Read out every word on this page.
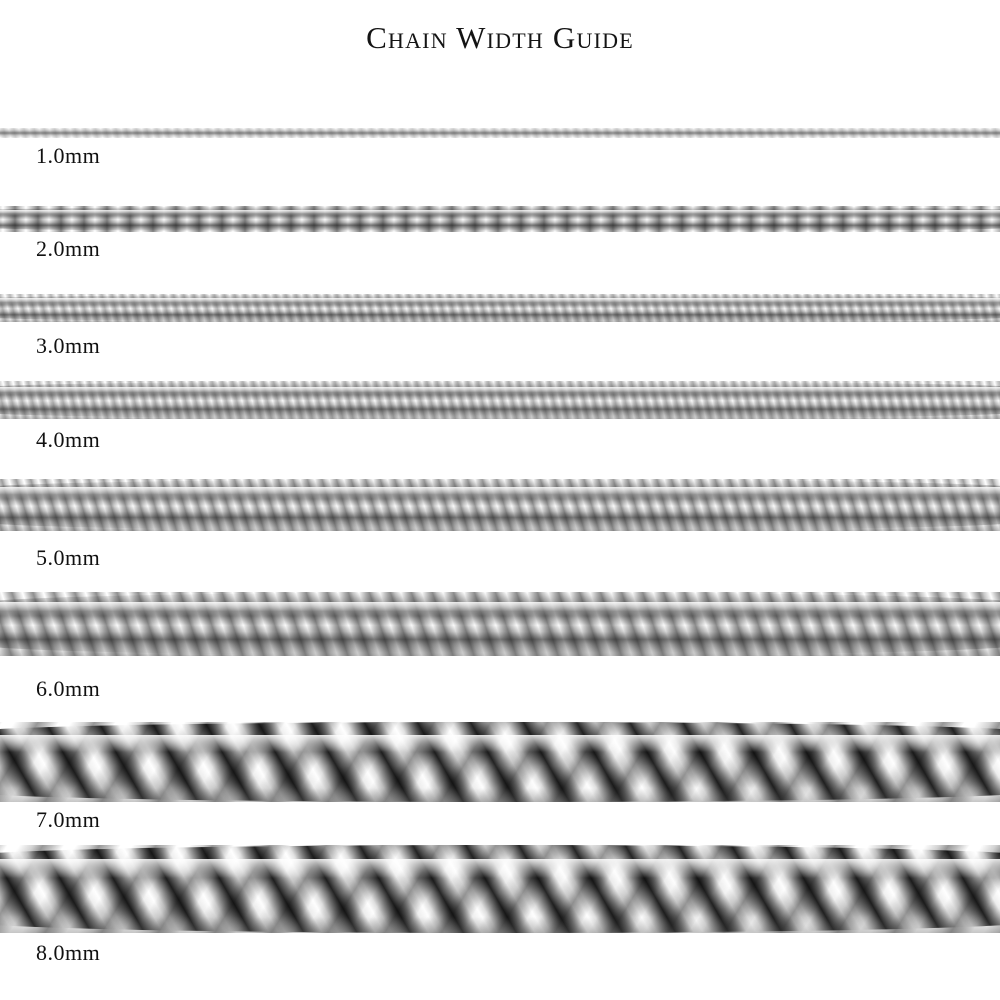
Chain Width Guide
1.0mm
2.0mm
3.0mm
4.0mm
5.0mm
6.0mm
7.0mm
8.0mm
